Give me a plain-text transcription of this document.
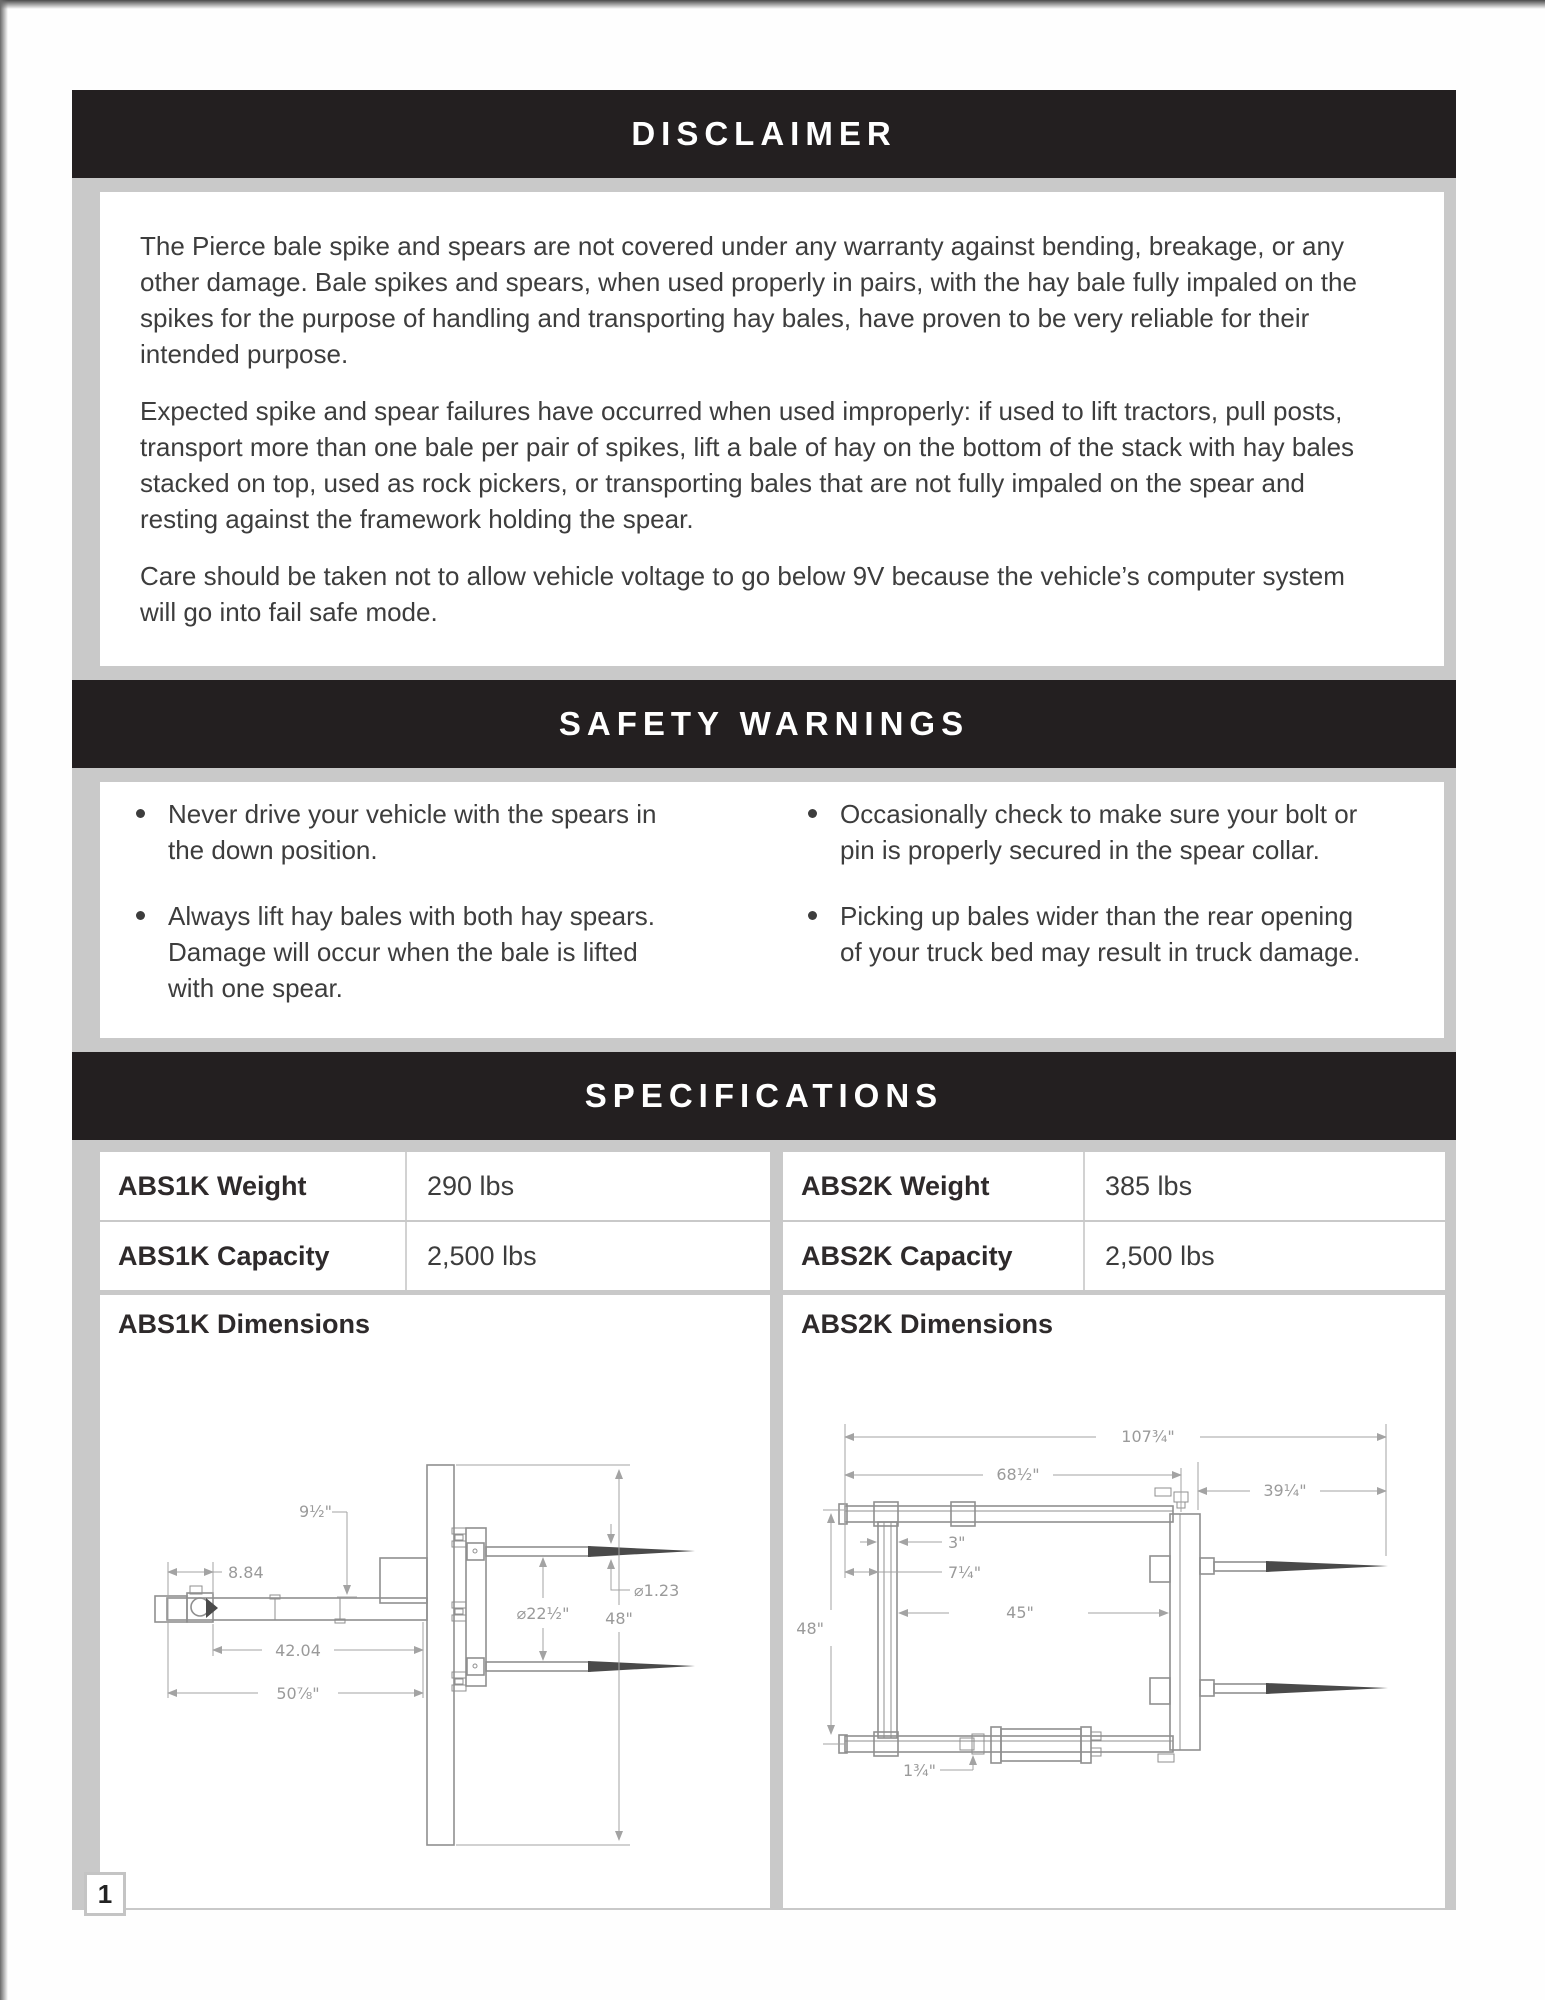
DISCLAIMER
The Pierce bale spike and spears are not covered under any warranty against bending, breakage, or any
other damage. Bale spikes and spears, when used properly in pairs, with the hay bale fully impaled on the
spikes for the purpose of handling and transporting hay bales, have proven to be very reliable for their
intended purpose.
Expected spike and spear failures have occurred when used improperly: if used to lift tractors, pull posts,
transport more than one bale per pair of spikes, lift a bale of hay on the bottom of the stack with hay bales
stacked on top, used as rock pickers, or transporting bales that are not fully impaled on the spear and
resting against the framework holding the spear.
Care should be taken not to allow vehicle voltage to go below 9V because the vehicle’s computer system
will go into fail safe mode.
SAFETY WARNINGS
Never drive your vehicle with the spears in
the down position.
Always lift hay bales with both hay spears.
Damage will occur when the bale is lifted
with one spear.
Occasionally check to make sure your bolt or
pin is properly secured in the spear collar.
Picking up bales wider than the rear opening
of your truck bed may result in truck damage.
SPECIFICATIONS
ABS1K Weight	290 lbs
ABS1K Capacity	2,500 lbs
ABS2K Weight	385 lbs
ABS2K Capacity	2,500 lbs
ABS1K Dimensions	ABS2K Dimensions
9½"
8.84
42.04
50⅞"
⌀22½" 48"
⌀1.23
107¾"
68½"
39¼"
3"
7¼"
45"
48"
1¾"
1
